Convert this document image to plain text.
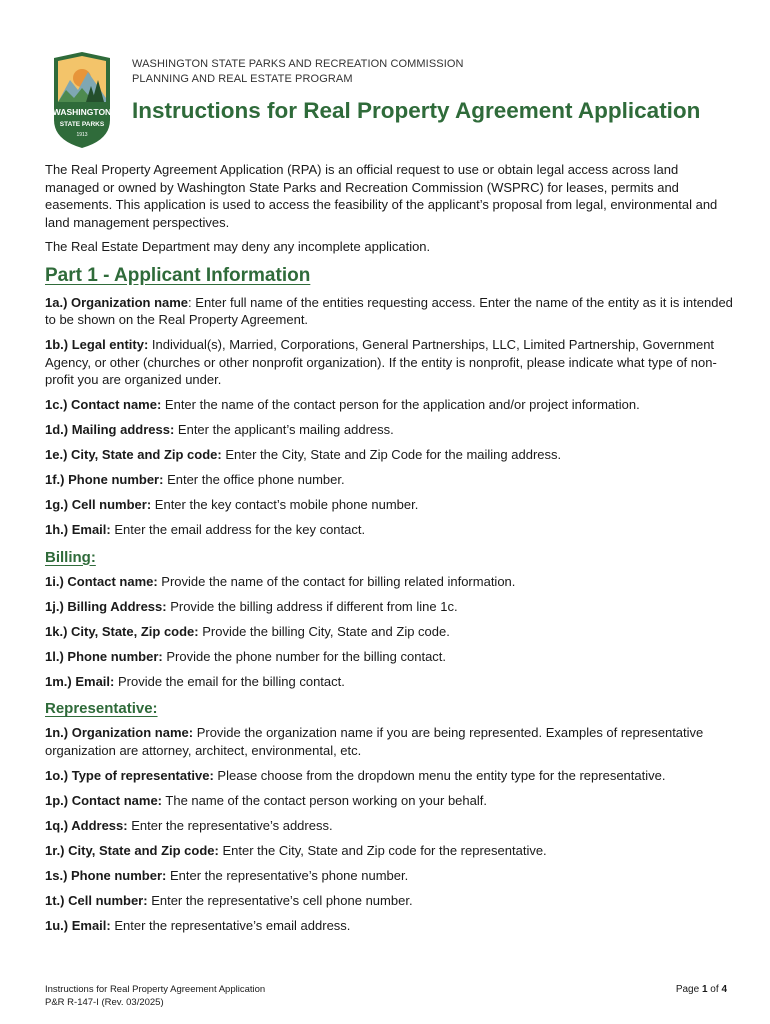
WASHINGTON
STATE PARKS
1913
WASHINGTON STATE PARKS AND RECREATION COMMISSION
PLANNING AND REAL ESTATE PROGRAM
Instructions for Real Property Agreement Application

The Real Property Agreement Application (RPA) is an official request to use or obtain legal access across land managed or owned by Washington State Parks and Recreation Commission (WSPRC) for leases, permits and easements. This application is used to access the feasibility of the applicant’s proposal from legal, environmental and land management perspectives.

The Real Estate Department may deny any incomplete application.

Part 1 - Applicant Information

1a.) Organization name: Enter full name of the entities requesting access. Enter the name of the entity as it is intended to be shown on the Real Property Agreement.

1b.) Legal entity: Individual(s), Married, Corporations, General Partnerships, LLC, Limited Partnership, Government Agency, or other (churches or other nonprofit organization). If the entity is nonprofit, please indicate what type of non-profit you are organized under.

1c.) Contact name: Enter the name of the contact person for the application and/or project information.

1d.) Mailing address: Enter the applicant’s mailing address.

1e.) City, State and Zip code: Enter the City, State and Zip Code for the mailing address.

1f.) Phone number: Enter the office phone number.

1g.) Cell number: Enter the key contact’s mobile phone number.

1h.) Email: Enter the email address for the key contact.

Billing:

1i.) Contact name: Provide the name of the contact for billing related information.

1j.) Billing Address: Provide the billing address if different from line 1c.

1k.) City, State, Zip code: Provide the billing City, State and Zip code.

1l.) Phone number: Provide the phone number for the billing contact.

1m.) Email: Provide the email for the billing contact.

Representative:

1n.) Organization name: Provide the organization name if you are being represented. Examples of representative organization are attorney, architect, environmental, etc.

1o.) Type of representative: Please choose from the dropdown menu the entity type for the representative.

1p.) Contact name: The name of the contact person working on your behalf.

1q.) Address: Enter the representative’s address.

1r.) City, State and Zip code: Enter the City, State and Zip code for the representative.

1s.) Phone number: Enter the representative’s phone number.

1t.) Cell number: Enter the representative’s cell phone number.

1u.) Email: Enter the representative’s email address.

Instructions for Real Property Agreement Application
P&R R-147-I (Rev. 03/2025)
Page 1 of 4
